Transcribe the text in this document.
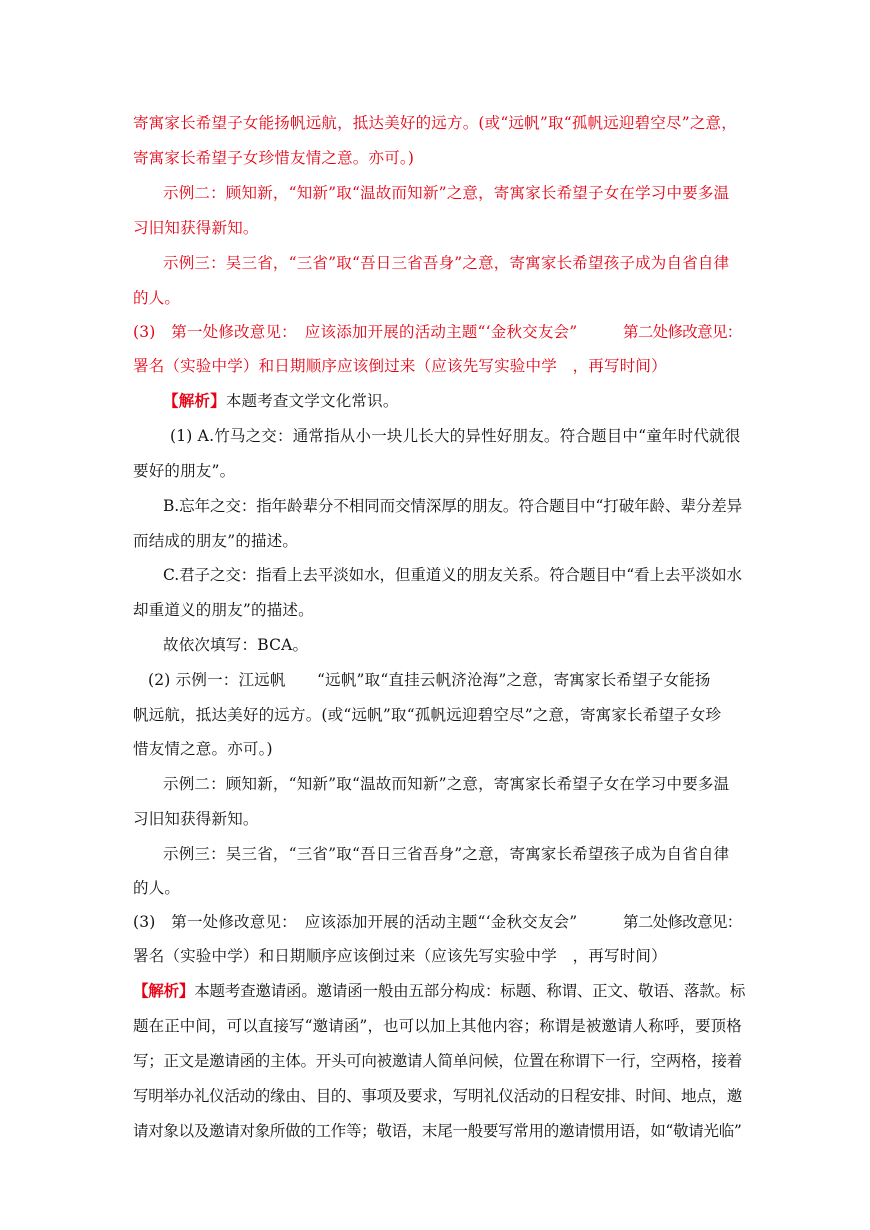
寄寓家长希望子女能扬帆远航，抵达美好的远方。(或“远帆”取“孤帆远迎碧空尽”之意，
寄寓家长希望子女珍惜友情之意。亦可。)
示例二：顾知新，“知新”取“温故而知新”之意，寄寓家长希望子女在学习中要多温
习旧知获得新知。
示例三：吴三省，“三省”取“吾日三省吾身”之意，寄寓家长希望孩子成为自省自律
的人。
(3)　第一处修改意见：　应该添加开展的活动主题“‘金秋交友会”	第二处修改意见：
署名（实验中学）和日期顺序应该倒过来（应该先写实验中学　，再写时间）
【解析】本题考查文学文化常识。
(1) A.竹马之交：通常指从小一块儿长大的异性好朋友。符合题目中“童年时代就很
要好的朋友”。
B.忘年之交：指年龄辈分不相同而交情深厚的朋友。符合题目中“打破年龄、辈分差异
而结成的朋友”的描述。
C.君子之交：指看上去平淡如水，但重道义的朋友关系。符合题目中“看上去平淡如水
却重道义的朋友”的描述。
故依次填写：BCA。
(2) 示例一：江远帆 “远帆”取“直挂云帆济沧海”之意，寄寓家长希望子女能扬
帆远航，抵达美好的远方。(或“远帆”取“孤帆远迎碧空尽”之意，寄寓家长希望子女珍
惜友情之意。亦可。)
示例二：顾知新，“知新”取“温故而知新”之意，寄寓家长希望子女在学习中要多温
习旧知获得新知。
示例三：吴三省，“三省”取“吾日三省吾身”之意，寄寓家长希望孩子成为自省自律
的人。
(3)　第一处修改意见：　应该添加开展的活动主题“‘金秋交友会”	第二处修改意见：
署名（实验中学）和日期顺序应该倒过来（应该先写实验中学　，再写时间）
【解析】本题考查邀请函。邀请函一般由五部分构成：标题、称谓、正文、敬语、落款。标
题在正中间，可以直接写“邀请函”，也可以加上其他内容；称谓是被邀请人称呼，要顶格
写；正文是邀请函的主体。开头可向被邀请人简单问候，位置在称谓下一行，空两格，接着
写明举办礼仪活动的缘由、目的、事项及要求，写明礼仪活动的日程安排、时间、地点，邀
请对象以及邀请对象所做的工作等；敬语，末尾一般要写常用的邀请惯用语，如“敬请光临”
